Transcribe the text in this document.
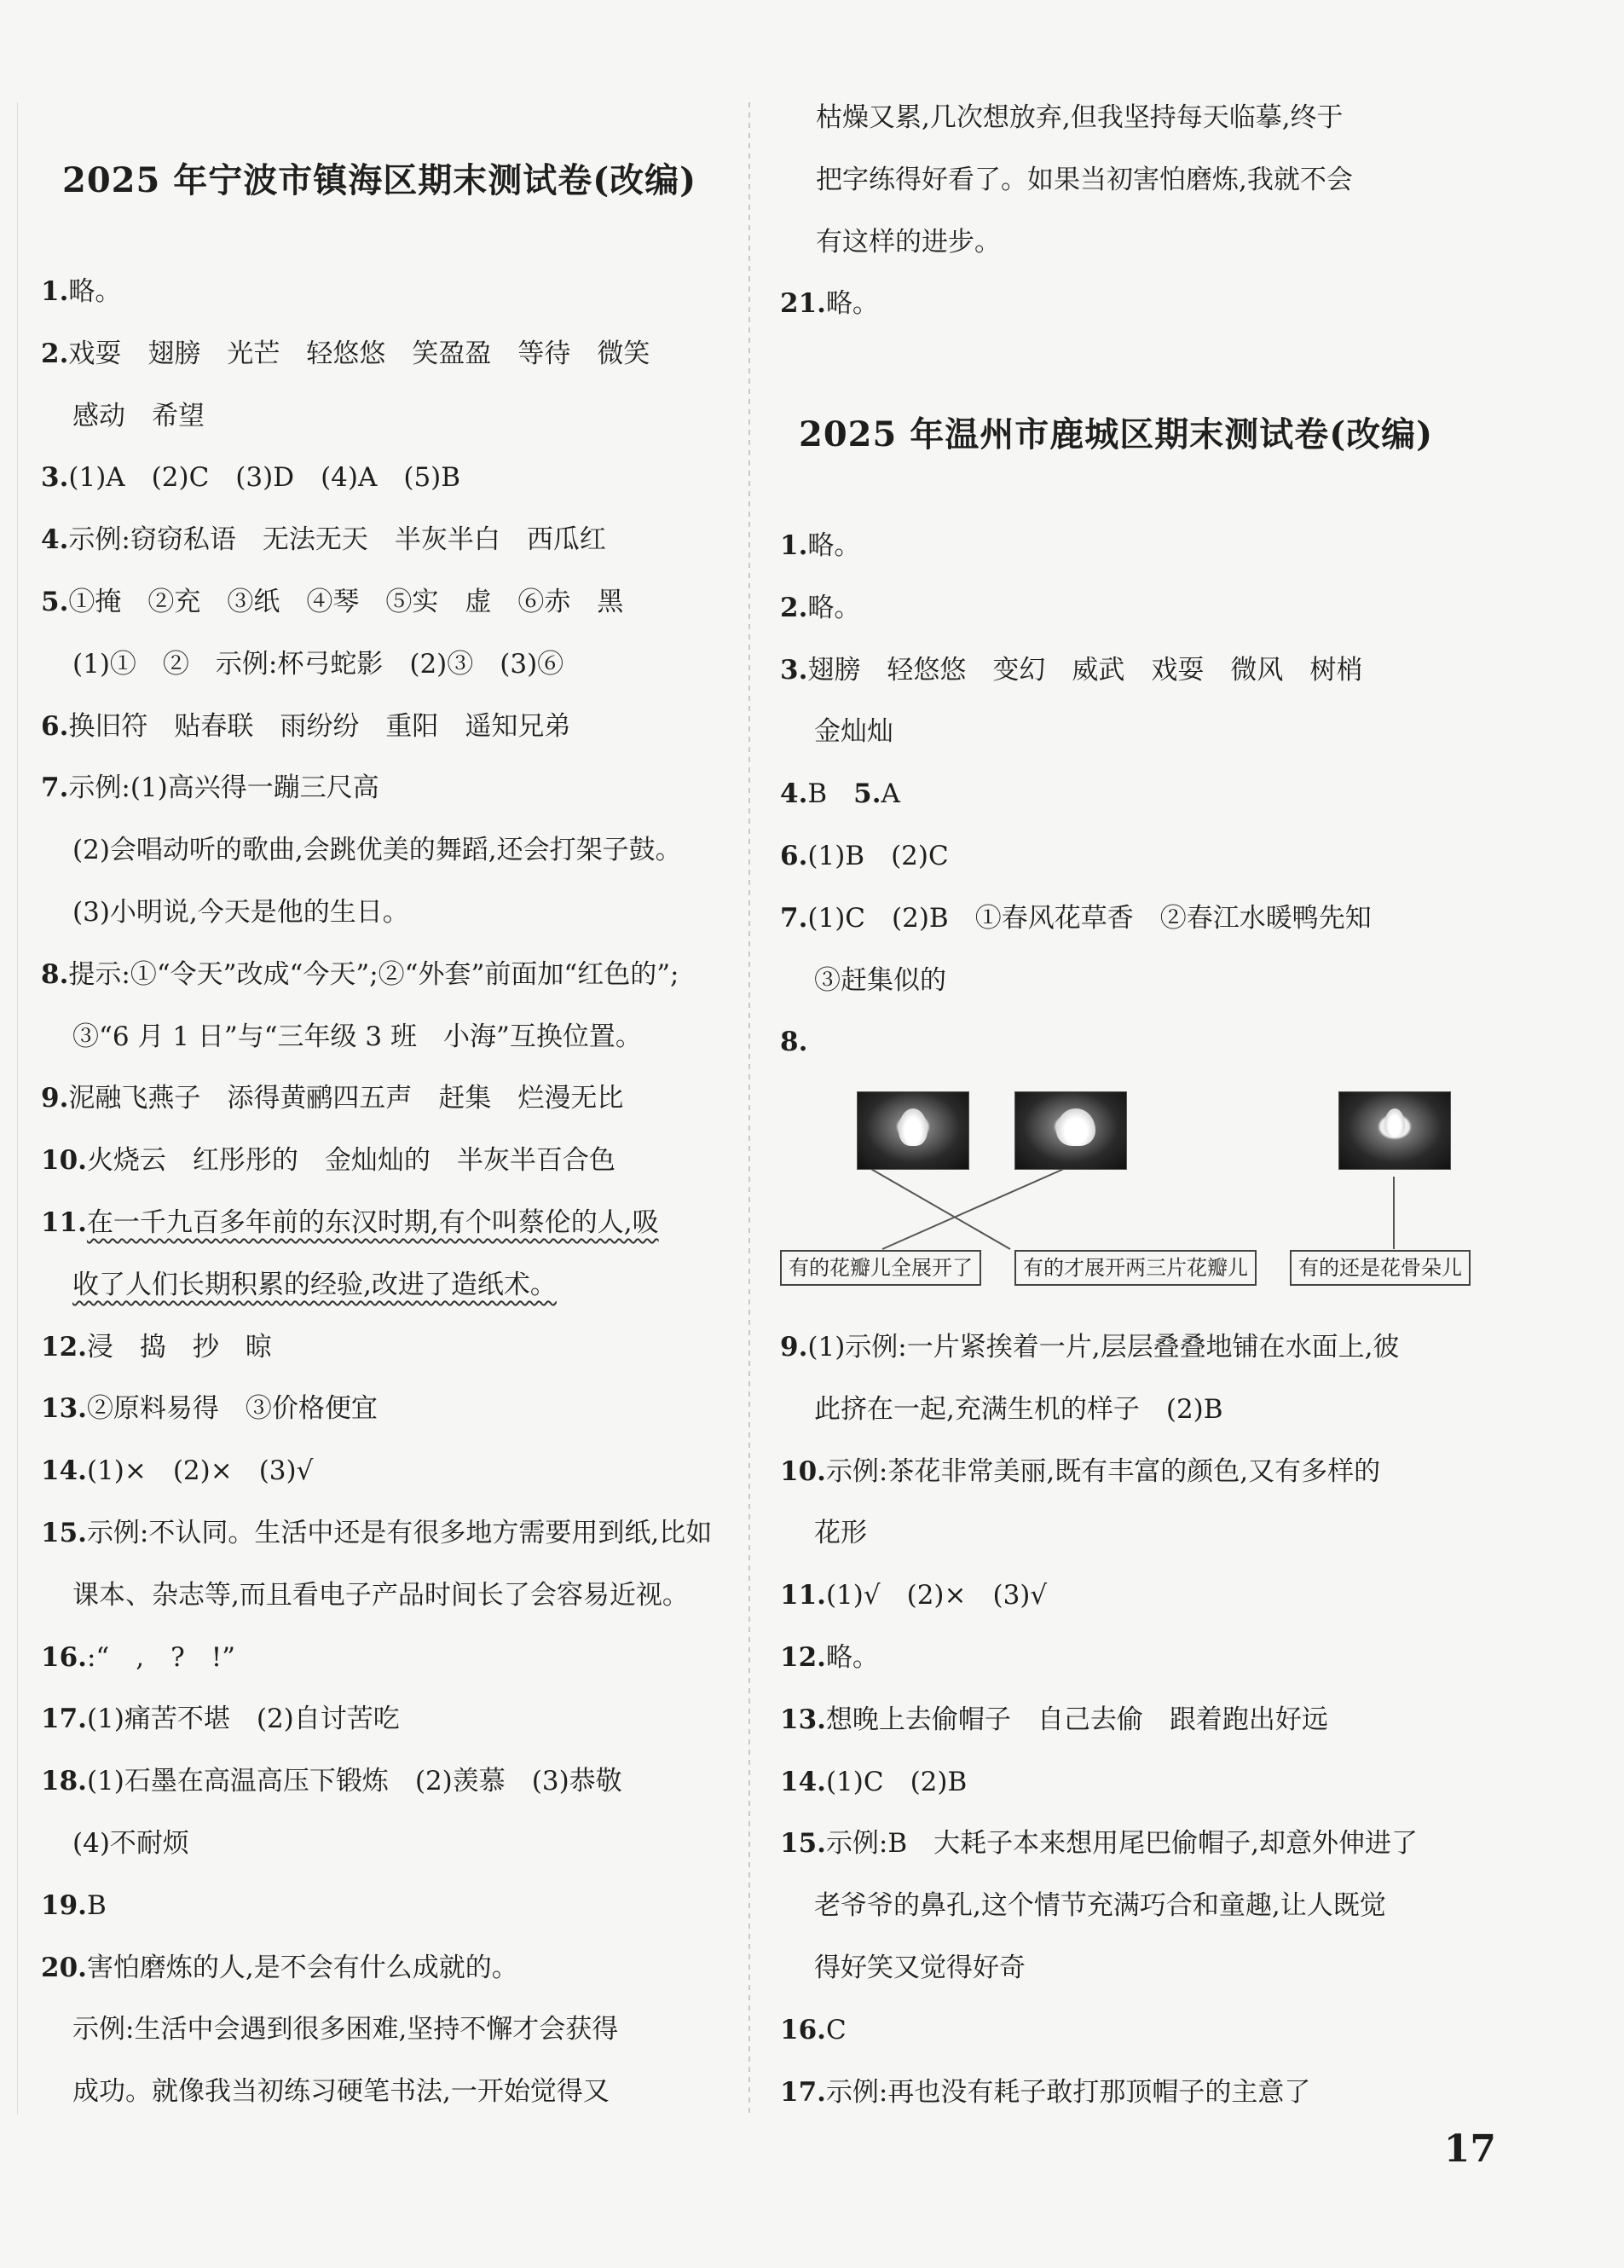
2025 年宁波市镇海区期末测试卷(改编)
1.略。
2.戏耍　翅膀　光芒　轻悠悠　笑盈盈　等待　微笑
感动　希望
3.(1)A　(2)C　(3)D　(4)A　(5)B
4.示例:窃窃私语　无法无天　半灰半白　西瓜红
5.①掩　②充　③纸　④琴　⑤实　虚　⑥赤　黑
(1)①　②　示例:杯弓蛇影　(2)③　(3)⑥
6.换旧符　贴春联　雨纷纷　重阳　遥知兄弟
7.示例:(1)高兴得一蹦三尺高
(2)会唱动听的歌曲,会跳优美的舞蹈,还会打架子鼓。
(3)小明说,今天是他的生日。
8.提示:①“令天”改成“今天”;②“外套”前面加“红色的”;
③“6 月 1 日”与“三年级 3 班　小海”互换位置。
9.泥融飞燕子　添得黄鹂四五声　赶集　烂漫无比
10.火烧云　红彤彤的　金灿灿的　半灰半百合色
11.在一千九百多年前的东汉时期,有个叫蔡伦的人,吸
收了人们长期积累的经验,改进了造纸术。
12.浸　捣　抄　晾
13.②原料易得　③价格便宜
14.(1)×　(2)×　(3)√
15.示例:不认同。生活中还是有很多地方需要用到纸,比如
课本、杂志等,而且看电子产品时间长了会容易近视。
16.:“　,　?　!”
17.(1)痛苦不堪　(2)自讨苦吃
18.(1)石墨在高温高压下锻炼　(2)羡慕　(3)恭敬
(4)不耐烦
19.B
20.害怕磨炼的人,是不会有什么成就的。
示例:生活中会遇到很多困难,坚持不懈才会获得
成功。就像我当初练习硬笔书法,一开始觉得又
2025 年温州市鹿城区期末测试卷(改编)
有的花瓣儿全展开了	有的才展开两三片花瓣儿	有的还是花骨朵儿
枯燥又累,几次想放弃,但我坚持每天临摹,终于
把字练得好看了。如果当初害怕磨炼,我就不会
有这样的进步。
21.略。
1.略。
2.略。
3.翅膀　轻悠悠　变幻　威武　戏耍　微风　树梢
金灿灿
4.B　5.A
6.(1)B　(2)C
7.(1)C　(2)B　①春风花草香　②春江水暖鸭先知
③赶集似的
8.
9.(1)示例:一片紧挨着一片,层层叠叠地铺在水面上,彼
此挤在一起,充满生机的样子　(2)B
10.示例:茶花非常美丽,既有丰富的颜色,又有多样的
花形
11.(1)√　(2)×　(3)√
12.略。
13.想晚上去偷帽子　自己去偷　跟着跑出好远
14.(1)C　(2)B
15.示例:B　大耗子本来想用尾巴偷帽子,却意外伸进了
老爷爷的鼻孔,这个情节充满巧合和童趣,让人既觉
得好笑又觉得好奇
16.C
17.示例:再也没有耗子敢打那顶帽子的主意了
17
